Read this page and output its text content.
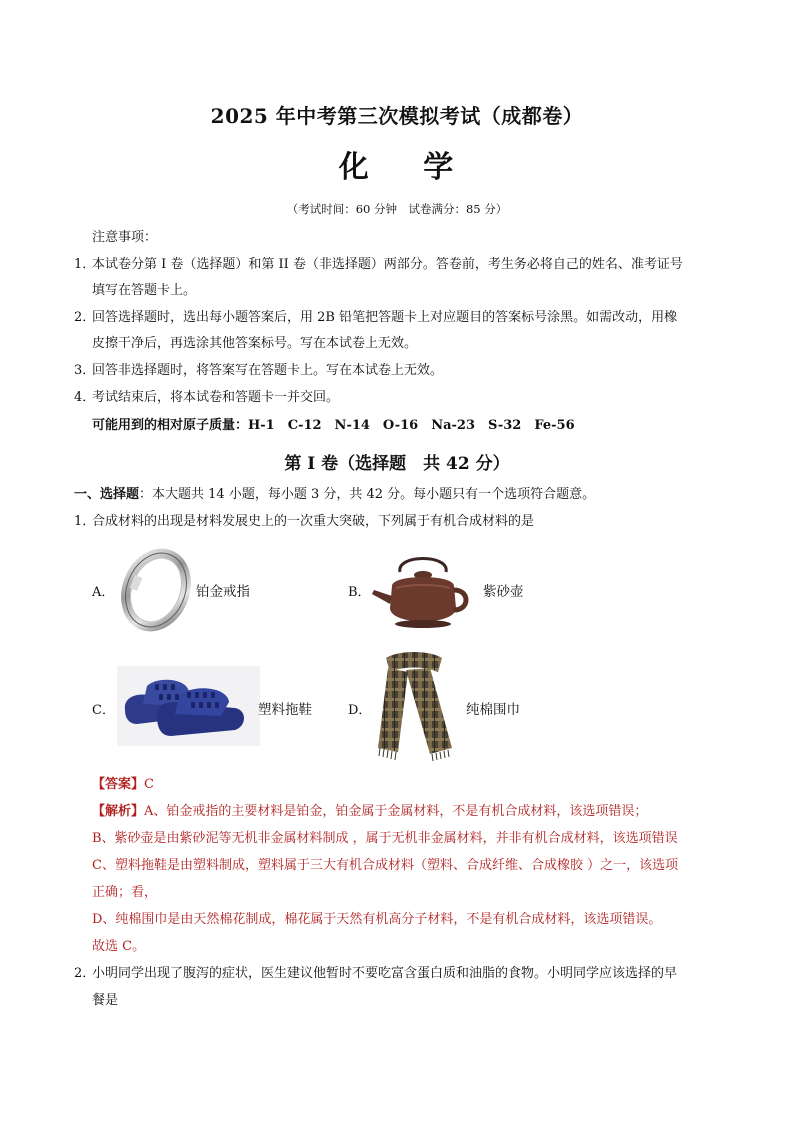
2025 年中考第三次模拟考试（成都卷）
化 学
（考试时间：60 分钟　试卷满分：85 分）
注意事项：
1．本试卷分第 I 卷（选择题）和第 II 卷（非选择题）两部分。答卷前，考生务必将自己的姓名、准考证号
填写在答题卡上。
2．回答选择题时，选出每小题答案后，用 2B 铅笔把答题卡上对应题目的答案标号涂黑。如需改动，用橡
皮擦干净后，再选涂其他答案标号。写在本试卷上无效。
3．回答非选择题时，将答案写在答题卡上。写在本试卷上无效。
4．考试结束后，将本试卷和答题卡一并交回。
可能用到的相对原子质量：H-1　C-12　N-14　O-16　Na-23　S-32　Fe-56
第 I 卷（选择题　共 42 分）
一、选择题：本大题共 14 小题，每小题 3 分，共 42 分。每小题只有一个选项符合题意。
1．合成材料的出现是材料发展史上的一次重大突破，下列属于有机合成材料的是
A．	铂金戒指	B．	紫砂壶
C．	塑料拖鞋	D．	纯棉围巾
【答案】C
【解析】A、铂金戒指的主要材料是铂金，铂金属于金属材料，不是有机合成材料，该选项错误；
B、紫砂壶是由紫砂泥等无机非金属材料制成 ，属于无机非金属材料，并非有机合成材料，该选项错误
C、塑料拖鞋是由塑料制成，塑料属于三大有机合成材料（塑料、合成纤维、合成橡胶 ）之一，该选项
正确；看，
D、纯棉围巾是由天然棉花制成，棉花属于天然有机高分子材料，不是有机合成材料，该选项错误。
故选 C。
2．小明同学出现了腹泻的症状，医生建议他暂时不要吃富含蛋白质和油脂的食物。小明同学应该选择的早
餐是
